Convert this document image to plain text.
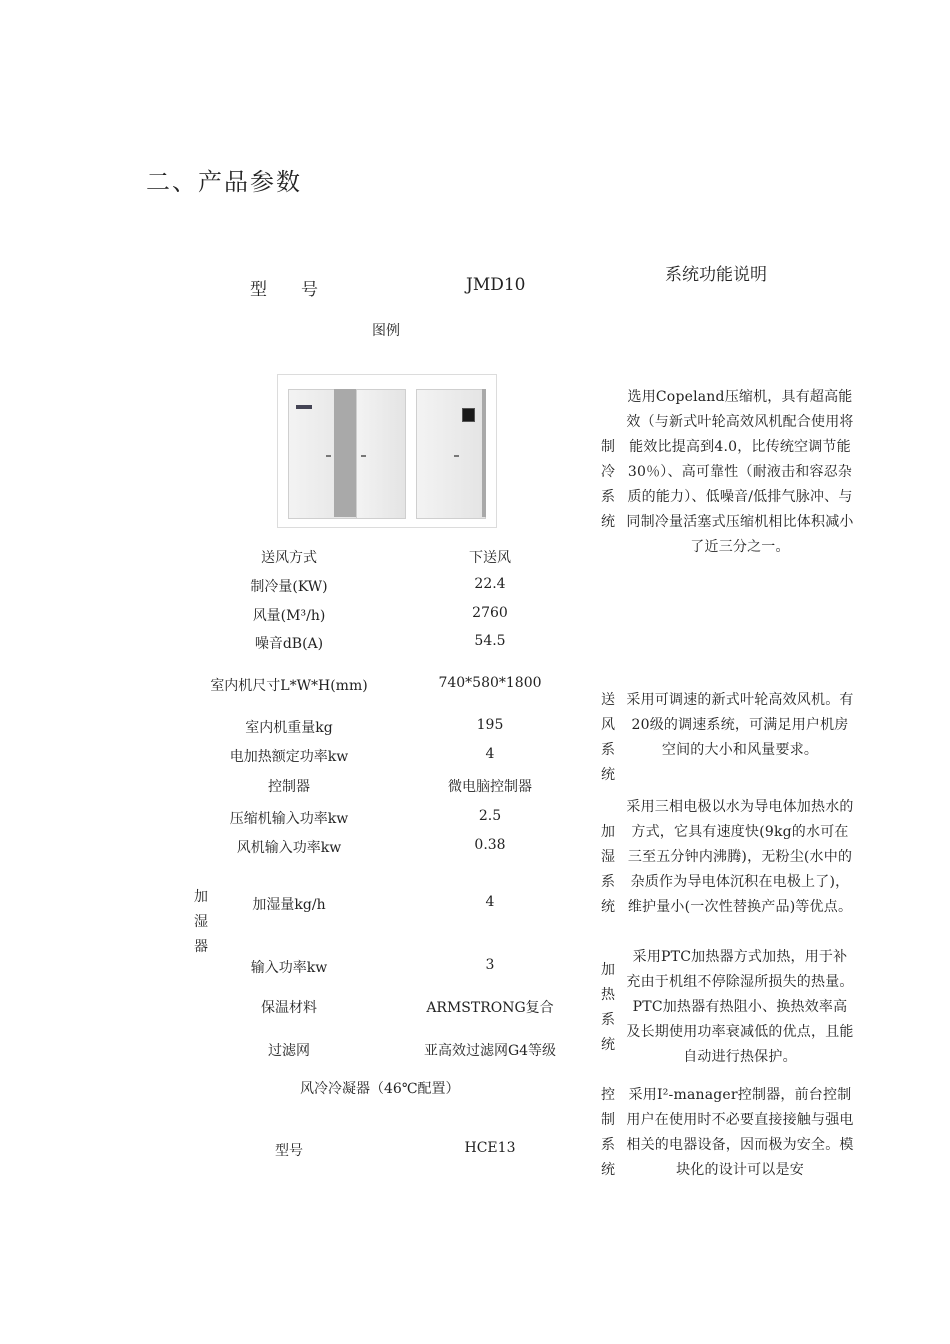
二、产品参数
型　　号	JMD10	系统功能说明
图例
送风方式	下送风
制冷量(KW)	22.4
风量(M³/h)	2760
噪音dB(A)	54.5
室内机尺寸L*W*H(mm)	740*580*1800
室内机重量kg	195
电加热额定功率kw	4
控制器	微电脑控制器
压缩机输入功率kw	2.5
风机输入功率kw	0.38
加湿器
加湿量kg/h	4
输入功率kw	3
保温材料	ARMSTRONG复合
过滤网	亚高效过滤网G4等级
风冷冷凝器（46℃配置）
型号	HCE13
制冷系统
选用Copeland压缩机，具有超高能效（与新式叶轮高效风机配合使用将能效比提高到4.0，比传统空调节能30％）、高可靠性（耐液击和容忍杂质的能力）、低噪音/低排气脉冲、与同制冷量活塞式压缩机相比体积减小了近三分之一。
送风系统
采用可调速的新式叶轮高效风机。有20级的调速系统，可满足用户机房空间的大小和风量要求。
加湿系统
采用三相电极以水为导电体加热水的方式，它具有速度快(9kg的水可在三至五分钟内沸腾)，无粉尘(水中的杂质作为导电体沉积在电极上了)，维护量小(一次性替换产品)等优点。
加热系统
采用PTC加热器方式加热，用于补充由于机组不停除湿所损失的热量。PTC加热器有热阻小、换热效率高及长期使用功率衰减低的优点，且能自动进行热保护。
控制系统
采用I²-manager控制器，前台控制用户在使用时不必要直接接触与强电相关的电器设备，因而极为安全。模块化的设计可以是安
